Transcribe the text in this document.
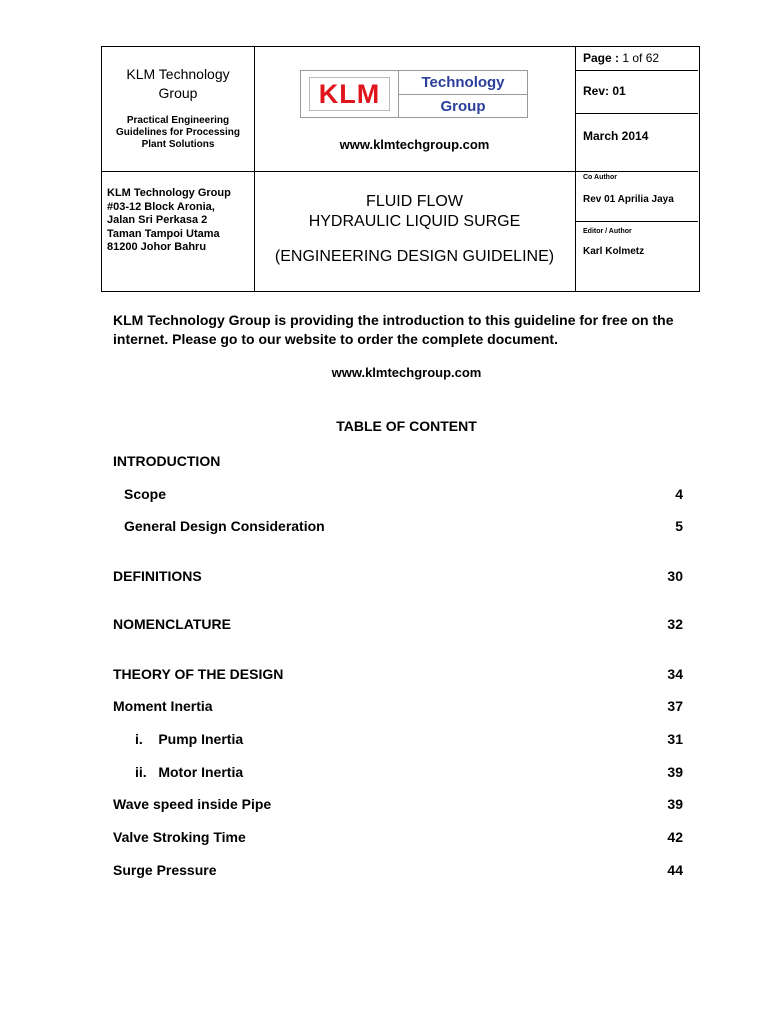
KLM Technology Group
Practical Engineering Guidelines for Processing Plant Solutions
KLM	Technology
Group
www.klmtechgroup.com
Page : 1 of 62
Rev: 01
March 2014
KLM Technology Group
#03-12 Block Aronia,
Jalan Sri Perkasa 2
Taman Tampoi Utama
81200 Johor Bahru
FLUID FLOW
HYDRAULIC LIQUID SURGE
(ENGINEERING DESIGN GUIDELINE)
Co Author
Rev 01 Aprilia Jaya
Editor / Author
Karl Kolmetz
KLM Technology Group is providing the introduction to this guideline for free on the internet. Please go to our website to order the complete document.
www.klmtechgroup.com
TABLE OF CONTENT
INTRODUCTION
Scope	4
General Design Consideration	5
DEFINITIONS	30
NOMENCLATURE	32
THEORY OF THE DESIGN	34
Moment Inertia	37
i.    Pump Inertia	31
ii.   Motor Inertia	39
Wave speed inside Pipe	39
Valve Stroking Time	42
Surge Pressure	44
